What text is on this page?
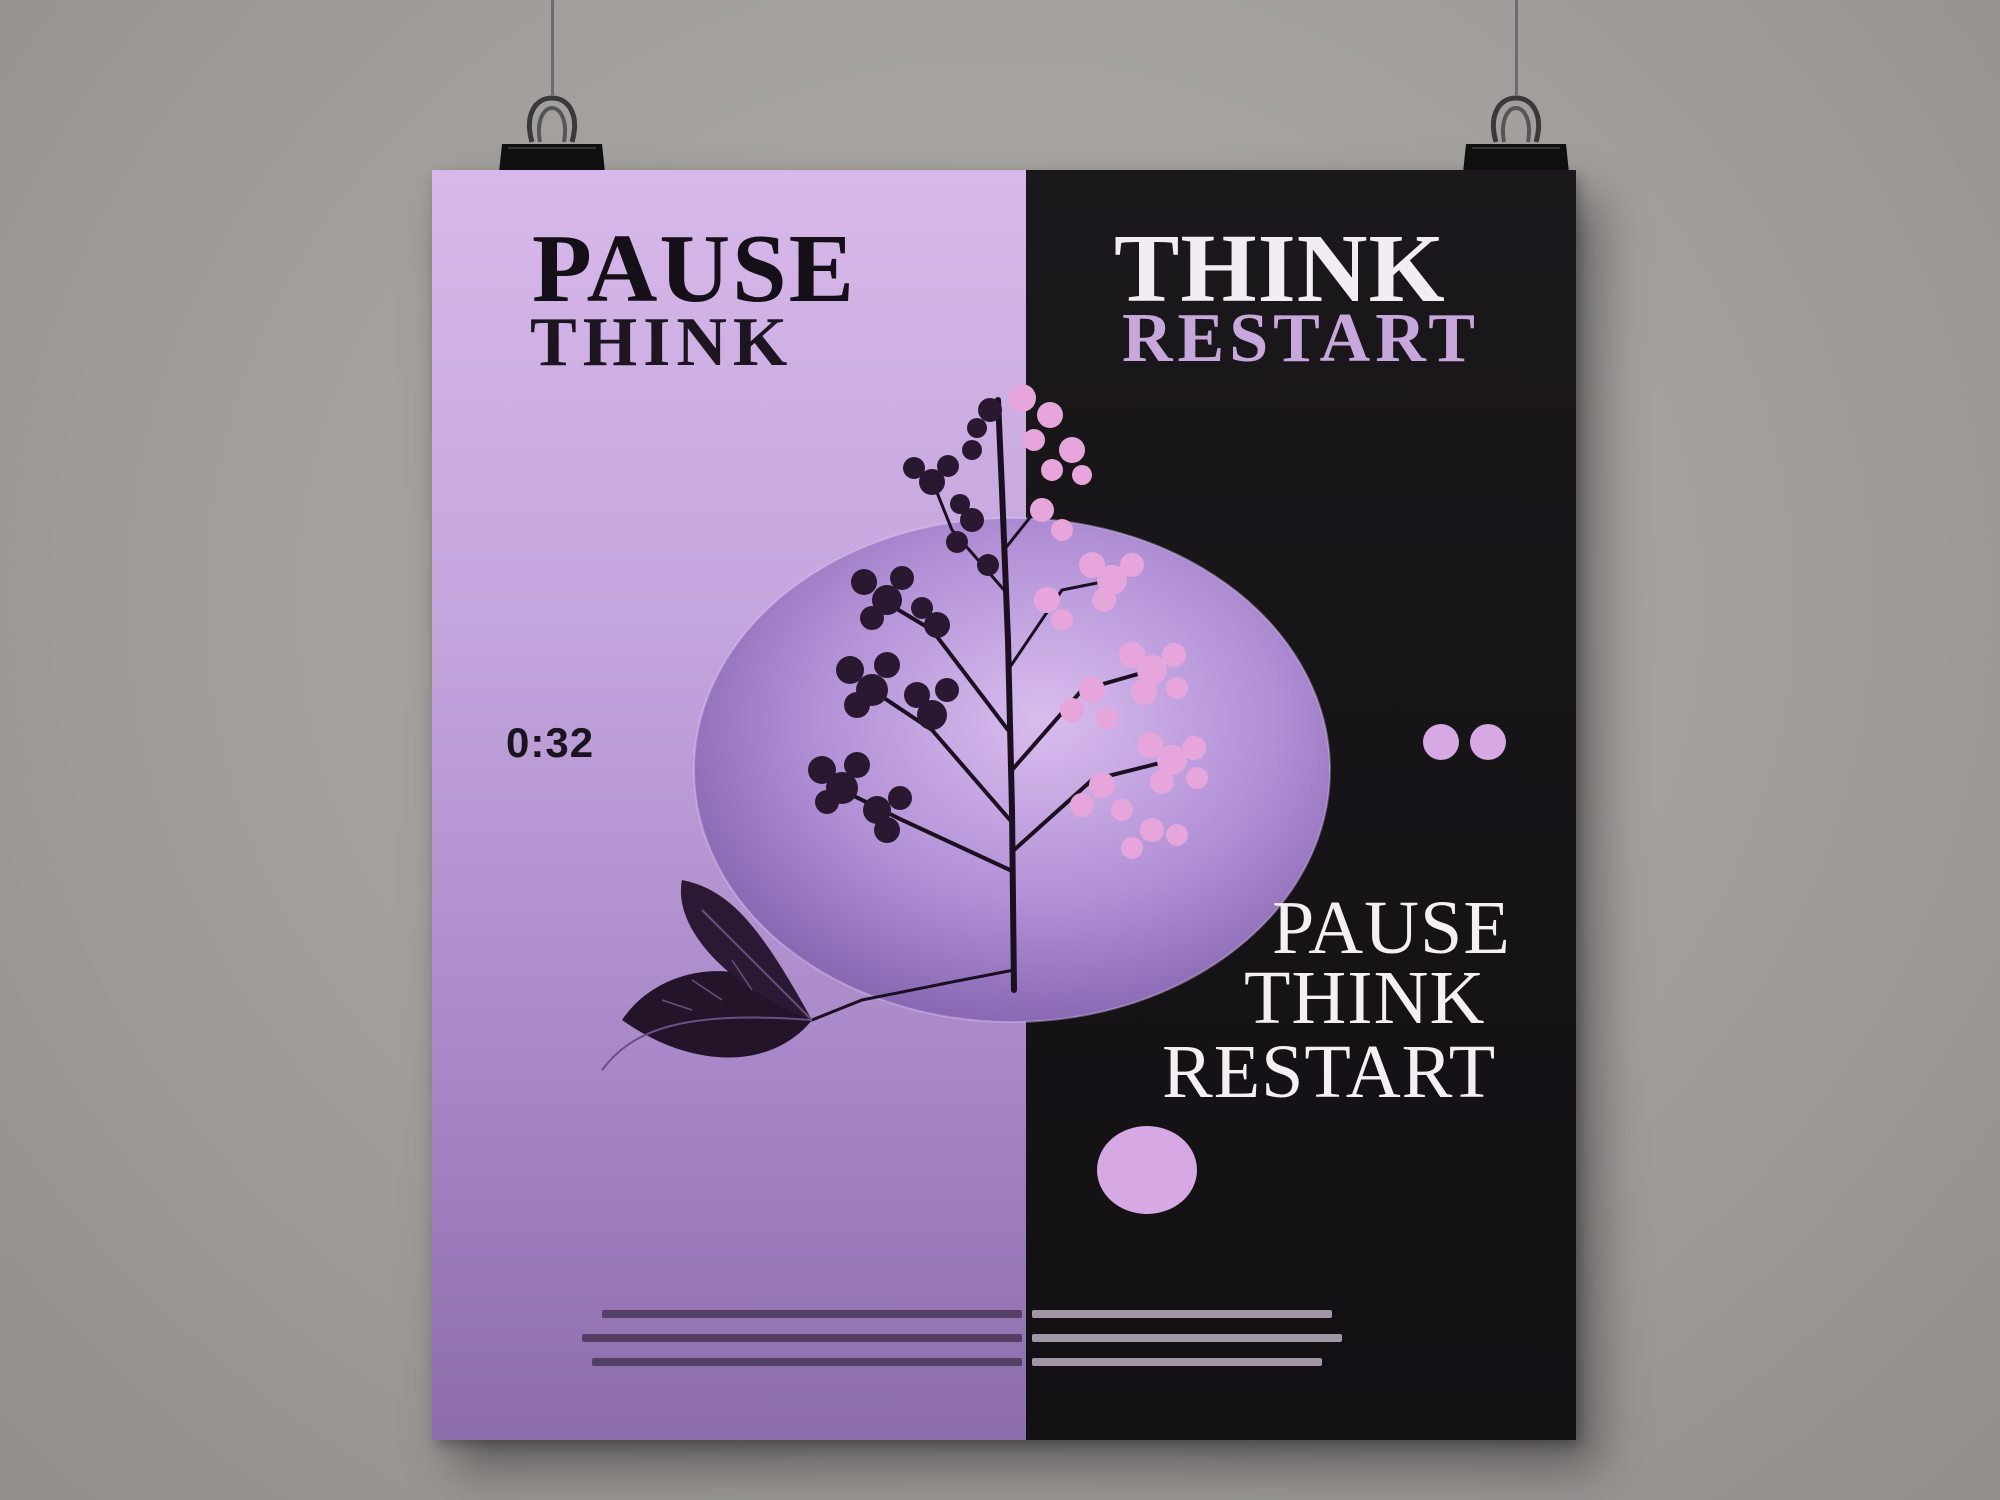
PAUSE
THINK
THINK
RESTART

0:32

PAUSE

THINK

RESTART
